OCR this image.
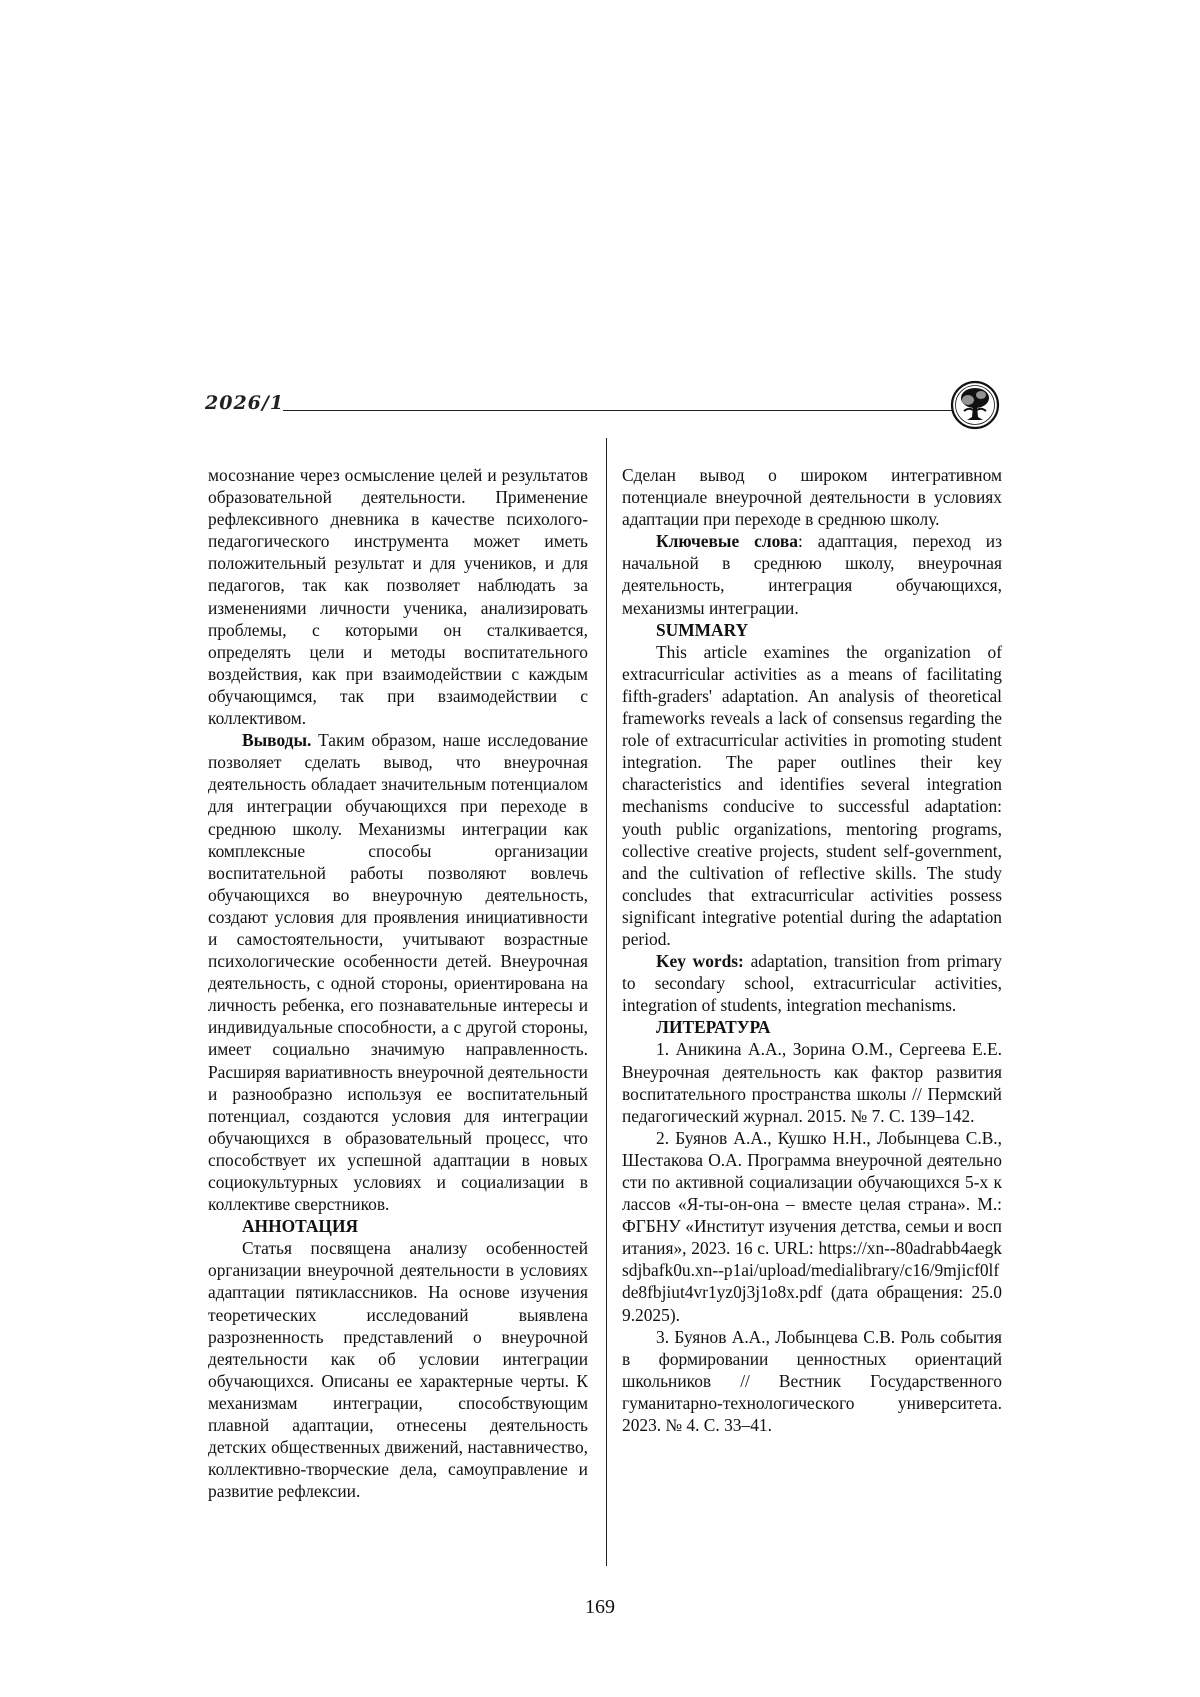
2026/1

мосознание через осмысление целей и результатов образовательной деятельности. Применение рефлексивного дневника в качестве психолого-педагогического инструмента может иметь положительный результат и для учеников, и для педагогов, так как позволяет наблюдать за изменениями личности ученика, анализировать проблемы, с которыми он сталкивается, определять цели и методы воспитательного воздействия, как при взаимодействии с каждым обучающимся, так при взаимодействии с коллективом.

Выводы. Таким образом, наше исследование позволяет сделать вывод, что внеурочная деятельность обладает значительным потенциалом для интеграции обучающихся при переходе в среднюю школу. Механизмы интеграции как комплексные способы организации воспитательной работы позволяют вовлечь обучающихся во внеурочную деятельность, создают условия для проявления инициативности и самостоятельности, учитывают возрастные психологические особенности детей. Внеурочная деятельность, с одной стороны, ориентирована на личность ребенка, его познавательные интересы и индивидуальные способности, а с другой стороны, имеет социально значимую направленность. Расширяя вариативность внеурочной деятельности и разнообразно используя ее воспитательный потенциал, создаются условия для интеграции обучающихся в образовательный процесс, что способствует их успешной адаптации в новых социокультурных условиях и социализации в коллективе сверстников.

АННОТАЦИЯ

Статья посвящена анализу особенностей организации внеурочной деятельности в условиях адаптации пятиклассников. На основе изучения теоретических исследований выявлена разрозненность представлений о внеурочной деятельности как об условии интеграции обучающихся. Описаны ее характерные черты. К механизмам интеграции, способствующим плавной адаптации, отнесены деятельность детских общественных движений, наставничество, коллективно-творческие дела, самоуправление и развитие рефлексии.

Сделан вывод о широком интегративном потенциале внеурочной деятельности в условиях адаптации при переходе в среднюю школу.

Ключевые слова: адаптация, переход из начальной в среднюю школу, внеурочная деятельность, интеграция обучающихся, механизмы интеграции.

SUMMARY

This article examines the organization of extracurricular activities as a means of facilitating fifth-graders' adaptation. An analysis of theoretical frameworks reveals a lack of consensus regarding the role of extracurricular activities in promoting student integration. The paper outlines their key characteristics and identifies several integration mechanisms conducive to successful adaptation: youth public organizations, mentoring programs, collective creative projects, student self-government, and the cultivation of reflective skills. The study concludes that extracurricular activities possess significant integrative potential during the adaptation period.

Key words: adaptation, transition from primary to secondary school, extracurricular activities, integration of students, integration mechanisms.

ЛИТЕРАТУРА

1. Аникина А.А., Зорина О.М., Сергеева Е.Е. Внеурочная деятельность как фактор развития воспитательного пространства школы // Пермский педагогический журнал. 2015. № 7. С. 139–142.

2. Буянов А.А., Кушко Н.Н., Лобынцева С.В., Шестакова О.А. Программа внеурочной деятельности по активной социализации обучающихся 5-х классов «Я-ты-он-она – вместе целая страна». М.: ФГБНУ «Институт изучения детства, семьи и воспитания», 2023. 16 с. URL: https://xn--80adrabb4aegksdjbafk0u.xn--p1ai/upload/medialibrary/c16/9mjicf0lfde8fbjiut4vr1yz0j3j1o8x.pdf (дата обращения: 25.09.2025).

3. Буянов А.А., Лобынцева С.В. Роль события в формировании ценностных ориентаций школьников // Вестник Государственного гуманитарно-технологического университета. 2023. № 4. С. 33–41.

169
